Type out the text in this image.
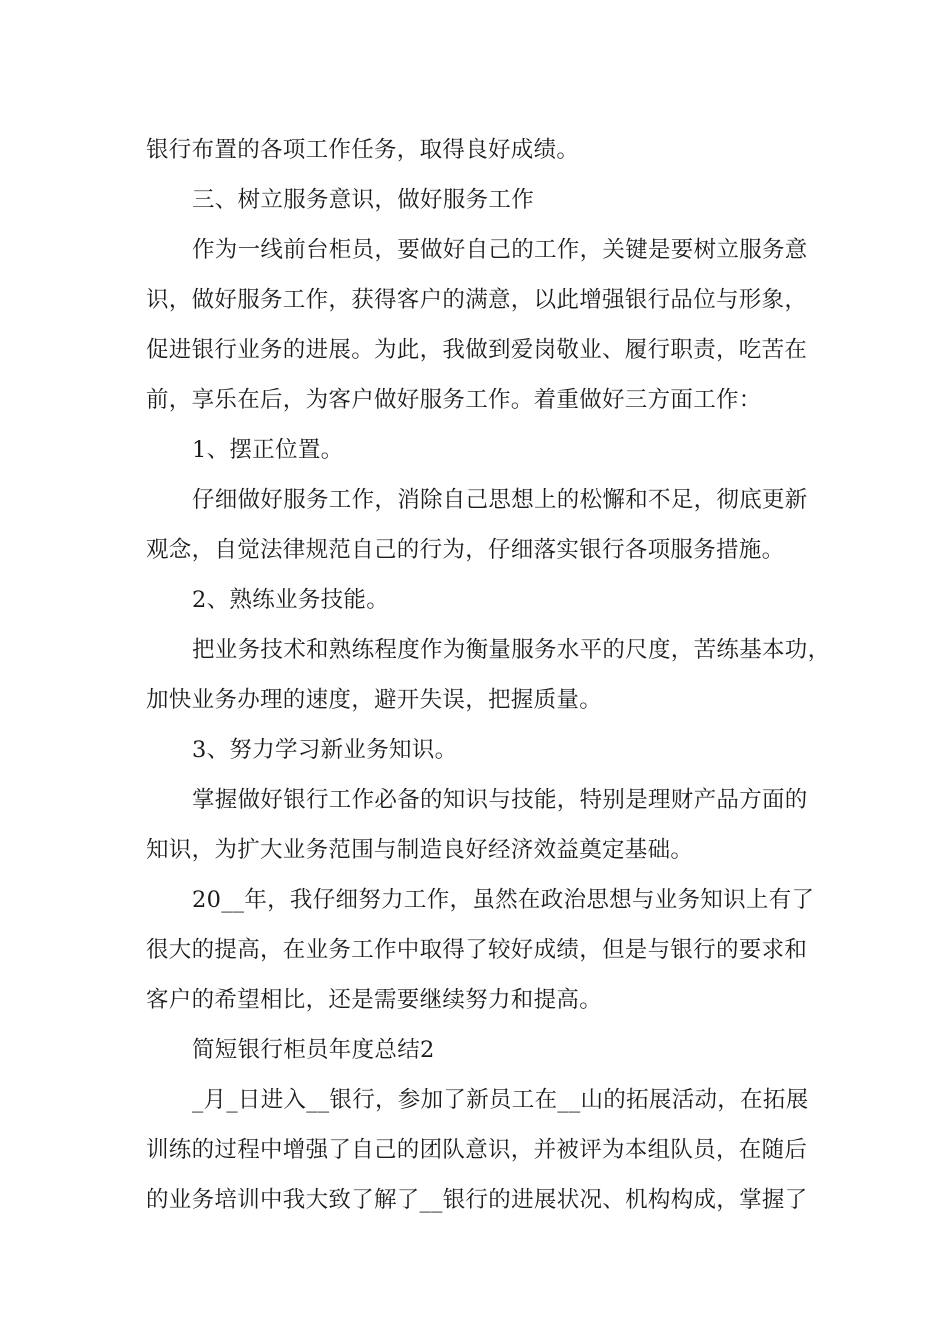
银行布置的各项工作任务，取得良好成绩。
三、树立服务意识，做好服务工作
作为一线前台柜员，要做好自己的工作，关键是要树立服务意
识，做好服务工作，获得客户的满意，以此增强银行品位与形象，
促进银行业务的进展。为此，我做到爱岗敬业、履行职责，吃苦在
前，享乐在后，为客户做好服务工作。着重做好三方面工作：
1、摆正位置。
仔细做好服务工作，消除自己思想上的松懈和不足，彻底更新
观念，自觉法律规范自己的行为，仔细落实银行各项服务措施。
2、熟练业务技能。
把业务技术和熟练程度作为衡量服务水平的尺度，苦练基本功，
加快业务办理的速度，避开失误，把握质量。
3、努力学习新业务知识。
掌握做好银行工作必备的知识与技能，特别是理财产品方面的
知识，为扩大业务范围与制造良好经济效益奠定基础。
20__年，我仔细努力工作，虽然在政治思想与业务知识上有了
很大的提高，在业务工作中取得了较好成绩，但是与银行的要求和
客户的希望相比，还是需要继续努力和提高。
简短银行柜员年度总结2
_月_日进入__银行，参加了新员工在__山的拓展活动，在拓展
训练的过程中增强了自己的团队意识，并被评为本组队员，在随后
的业务培训中我大致了解了__银行的进展状况、机构构成，掌握了
